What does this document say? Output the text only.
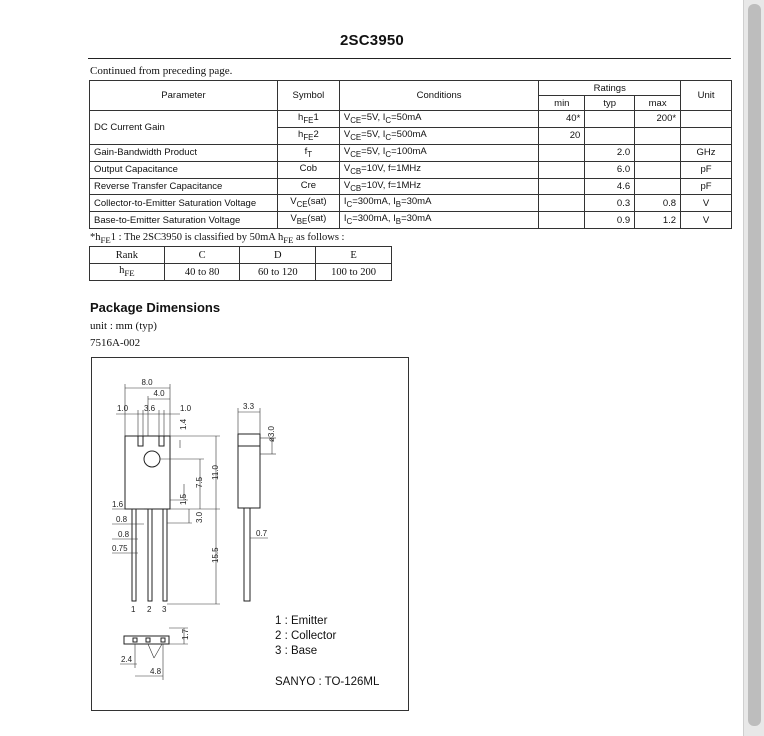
2SC3950
Continued from preceding page.
Parameter	Symbol	Conditions	Ratings			Unit
			min	typ	max	
DC Current Gain	$h_{FE}1$	$V_{CE}=5V$, $I_C=50mA$	40*		200*	
	$h_{FE}2$	$V_{CE}=5V$, $I_C=500mA$	20			
Gain-Bandwidth Product	$f_T$	$V_{CE}=5V$, $I_C=100mA$		2.0		GHz
Output Capacitance	Cob	$V_{CB}=10V$, f=1MHz		6.0		pF
Reverse Transfer Capacitance	Cre	$V_{CB}=10V$, f=1MHz		4.6		pF
Collector-to-Emitter Saturation Voltage	$V_{CE}(sat)$	$I_C=300mA$, $I_B=30mA$		0.3	0.8	V
Base-to-Emitter Saturation Voltage	$V_{BE}(sat)$	$I_C=300mA$, $I_B=30mA$		0.9	1.2	V
$*h_{FE}1$ : The 2SC3950 is classified by 50mA $h_{FE}$ as follows :
Rank	C	D	E
$h_{FE}$	40 to 80	60 to 120	100 to 200
Package Dimensions
unit : mm (typ)
7516A-002
8.0
4.0
1.0 3.6	1.0
1.4
11.0
7.5
1.5
3.0
1.6
0.8
0.8
0.75	15.5
3.3
ø3.0
0.7
1 2 3
1.7
2.4
4.8
1 : Emitter
2 : Collector
3 : Base
SANYO : TO-126ML
